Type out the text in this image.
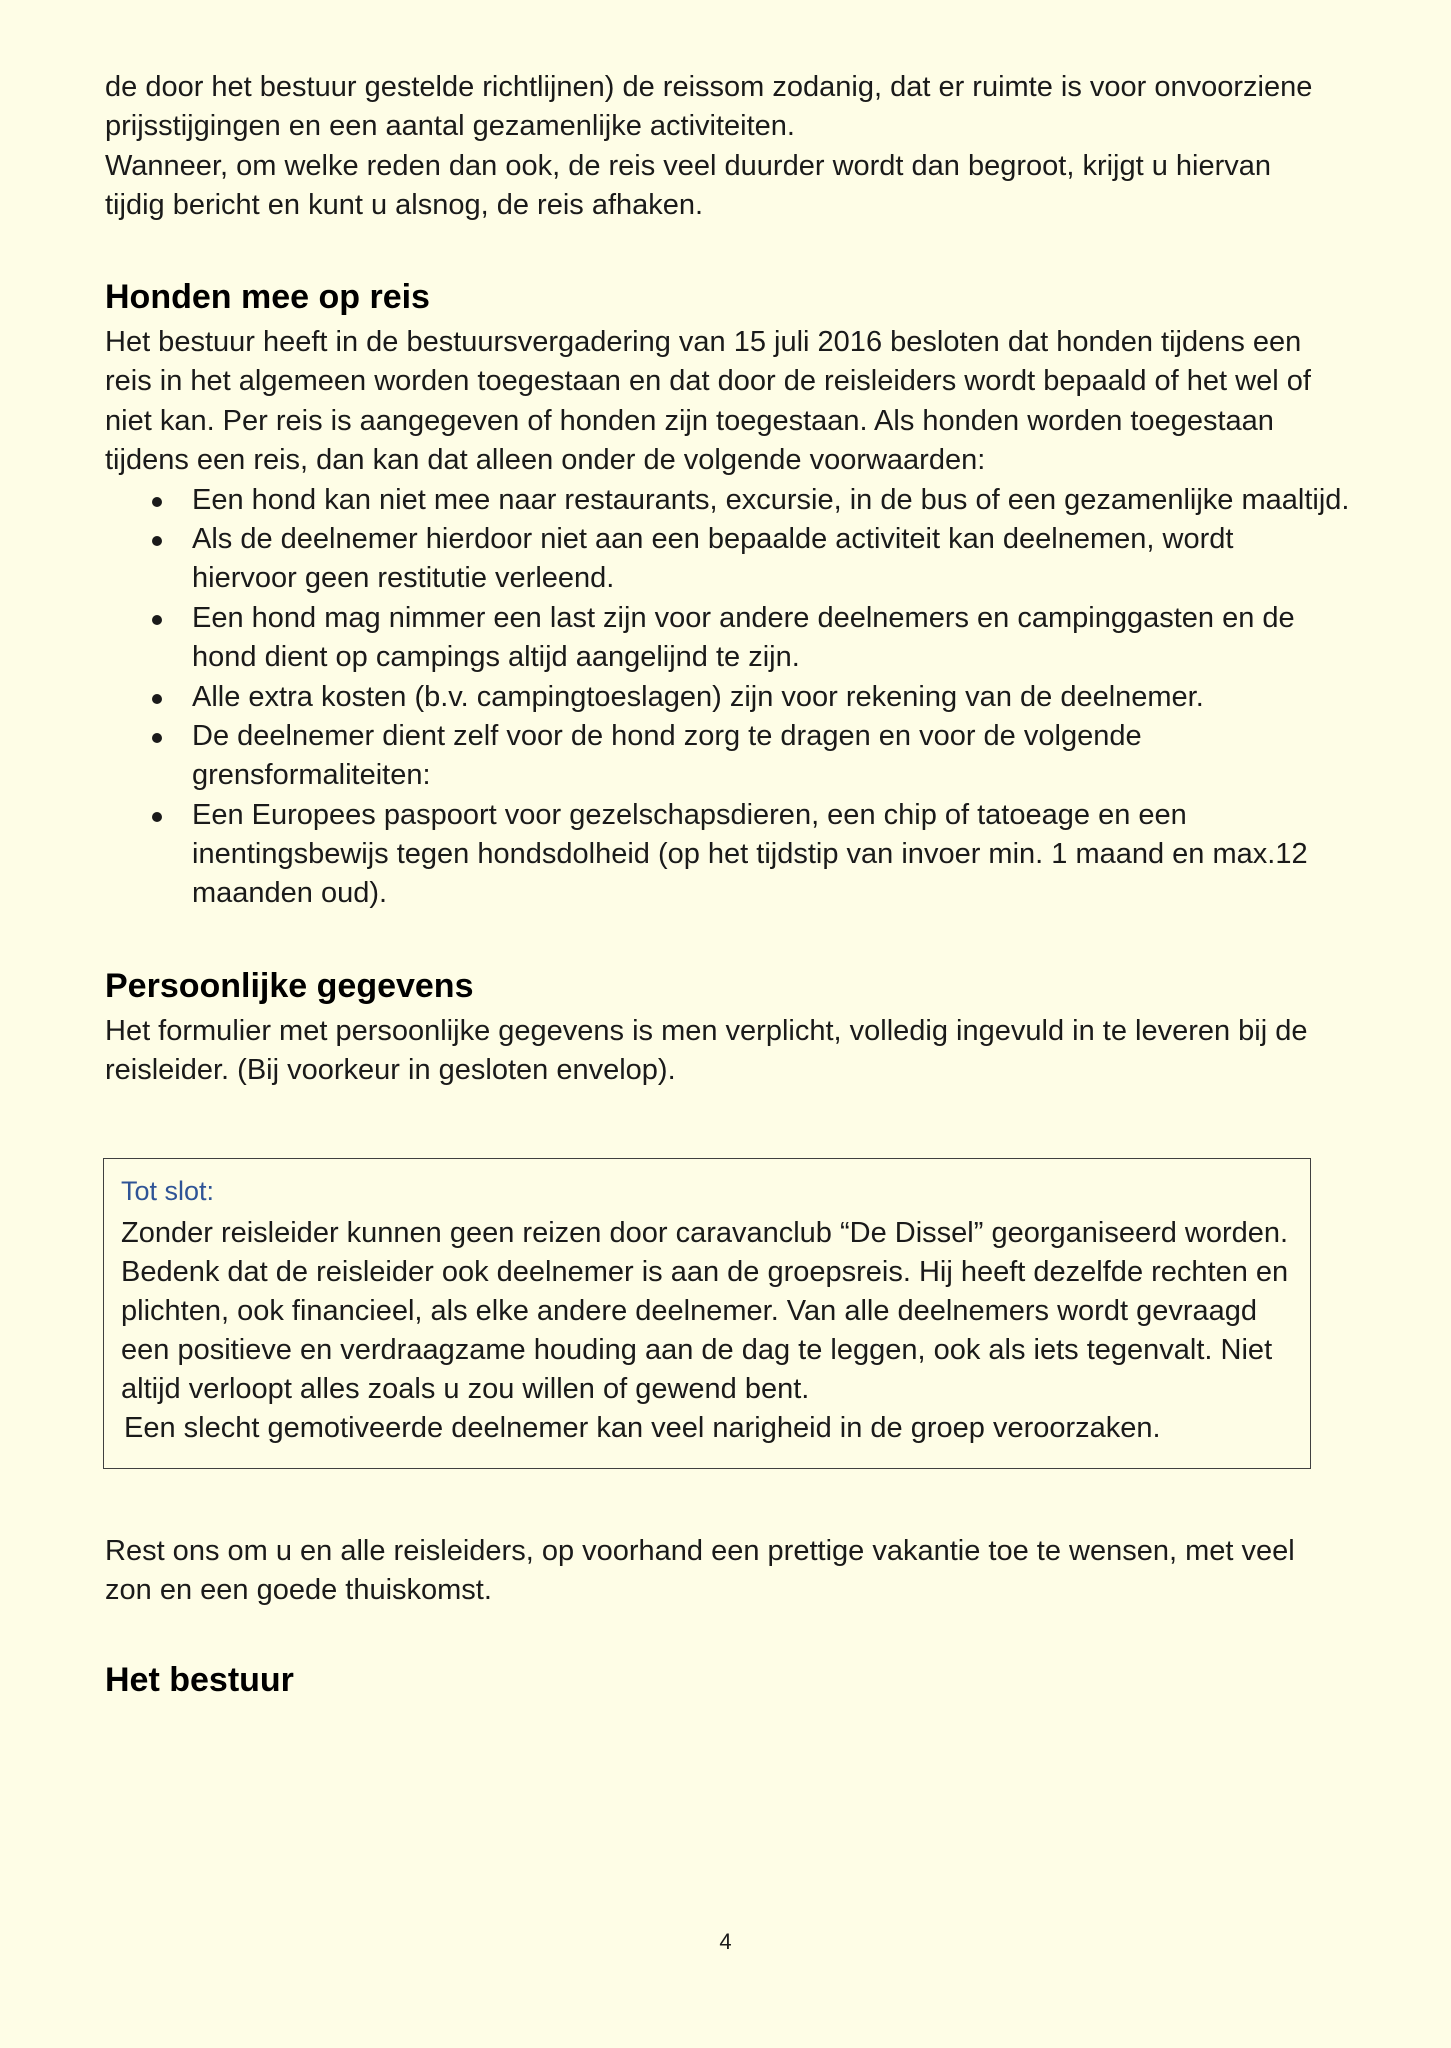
de door het bestuur gestelde richtlijnen) de reissom zodanig, dat er ruimte is voor onvoorziene
prijsstijgingen en een aantal gezamenlijke activiteiten.
Wanneer, om welke reden dan ook, de reis veel duurder wordt dan begroot, krijgt u hiervan
tijdig bericht en kunt u alsnog, de reis afhaken.
Honden mee op reis
Het bestuur heeft in de bestuursvergadering van 15 juli 2016 besloten dat honden tijdens een
reis in het algemeen worden toegestaan en dat door de reisleiders wordt bepaald of het wel of
niet kan. Per reis is aangegeven of honden zijn toegestaan. Als honden worden toegestaan
tijdens een reis, dan kan dat alleen onder de volgende voorwaarden:
Een hond kan niet mee naar restaurants, excursie, in de bus of een gezamenlijke maaltijd.
Als de deelnemer hierdoor niet aan een bepaalde activiteit kan deelnemen, wordt
hiervoor geen restitutie verleend.
Een hond mag nimmer een last zijn voor andere deelnemers en campinggasten en de
hond dient op campings altijd aangelijnd te zijn.
Alle extra kosten (b.v. campingtoeslagen) zijn voor rekening van de deelnemer.
De deelnemer dient zelf voor de hond zorg te dragen en voor de volgende
grensformaliteiten:
Een Europees paspoort voor gezelschapsdieren, een chip of tatoeage en een
inentingsbewijs tegen hondsdolheid (op het tijdstip van invoer min. 1 maand en max.12
maanden oud).
Persoonlijke gegevens
Het formulier met persoonlijke gegevens is men verplicht, volledig ingevuld in te leveren bij de
reisleider. (Bij voorkeur in gesloten envelop).
Tot slot:
Zonder reisleider kunnen geen reizen door caravanclub “De Dissel” georganiseerd worden.
Bedenk dat de reisleider ook deelnemer is aan de groepsreis. Hij heeft dezelfde rechten en
plichten, ook financieel, als elke andere deelnemer. Van alle deelnemers wordt gevraagd
een positieve en verdraagzame houding aan de dag te leggen, ook als iets tegenvalt. Niet
altijd verloopt alles zoals u zou willen of gewend bent.
Een slecht gemotiveerde deelnemer kan veel narigheid in de groep veroorzaken.
Rest ons om u en alle reisleiders, op voorhand een prettige vakantie toe te wensen, met veel
zon en een goede thuiskomst.
Het bestuur
4
